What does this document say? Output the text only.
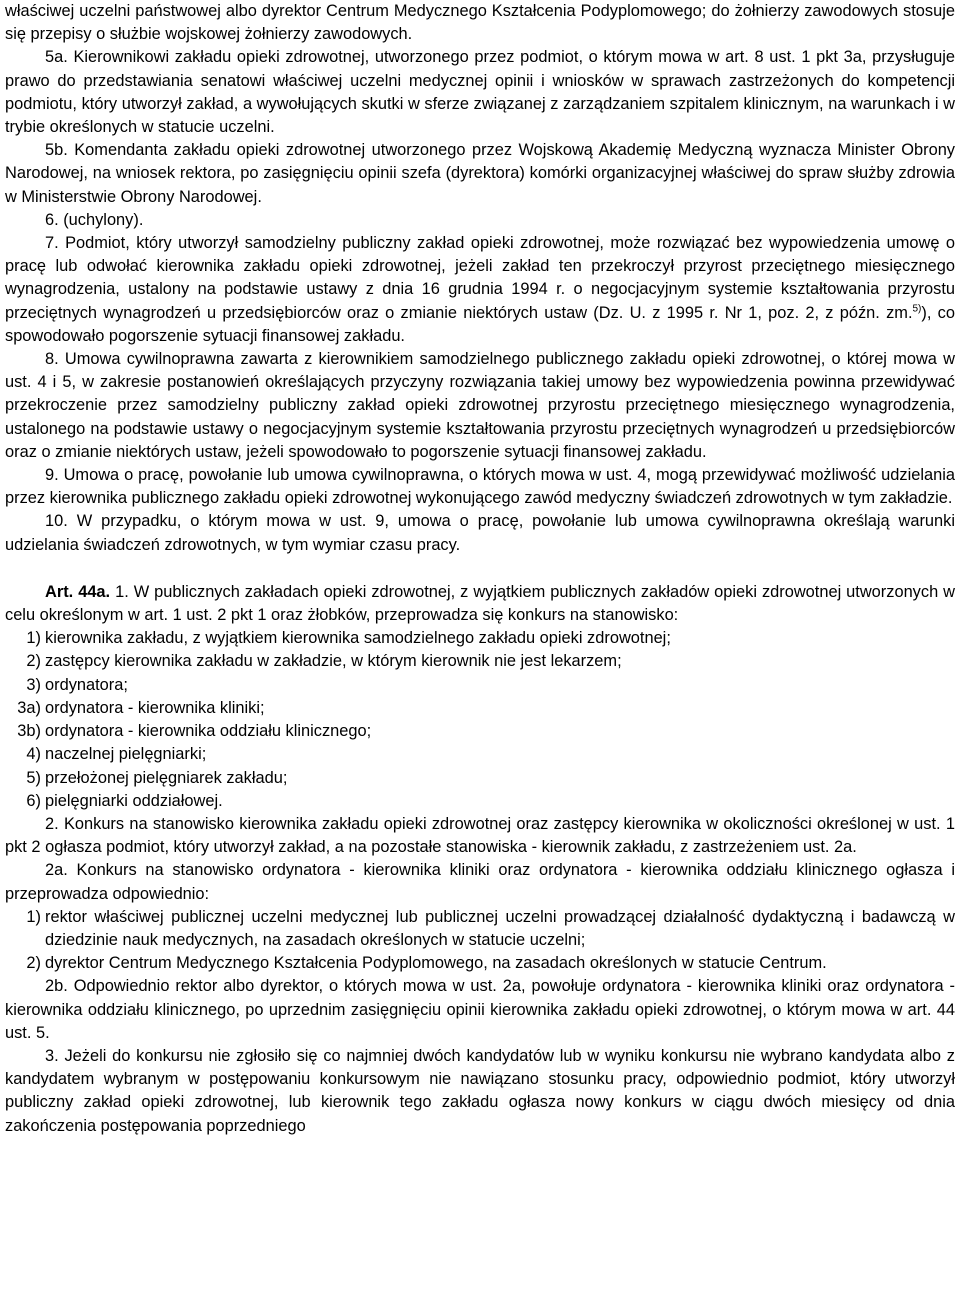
właściwej uczelni państwowej albo dyrektor Centrum Medycznego Kształcenia Podyplomowego; do żołnierzy zawodowych stosuje się przepisy o służbie wojskowej żołnierzy zawodowych.

5a. Kierownikowi zakładu opieki zdrowotnej, utworzonego przez podmiot, o którym mowa w art. 8 ust. 1 pkt 3a, przysługuje prawo do przedstawiania senatowi właściwej uczelni medycznej opinii i wniosków w sprawach zastrzeżonych do kompetencji podmiotu, który utworzył zakład, a wywołujących skutki w sferze związanej z zarządzaniem szpitalem klinicznym, na warunkach i w trybie określonych w statucie uczelni.

5b. Komendanta zakładu opieki zdrowotnej utworzonego przez Wojskową Akademię Medyczną wyznacza Minister Obrony Narodowej, na wniosek rektora, po zasięgnięciu opinii szefa (dyrektora) komórki organizacyjnej właściwej do spraw służby zdrowia w Ministerstwie Obrony Narodowej.

6. (uchylony).

7. Podmiot, który utworzył samodzielny publiczny zakład opieki zdrowotnej, może rozwiązać bez wypowiedzenia umowę o pracę lub odwołać kierownika zakładu opieki zdrowotnej, jeżeli zakład ten przekroczył przyrost przeciętnego miesięcznego wynagrodzenia, ustalony na podstawie ustawy z dnia 16 grudnia 1994 r. o negocjacyjnym systemie kształtowania przyrostu przeciętnych wynagrodzeń u przedsiębiorców oraz o zmianie niektórych ustaw (Dz. U. z 1995 r. Nr 1, poz. 2, z późn. zm.$^{5)}$), co spowodowało pogorszenie sytuacji finansowej zakładu.

8. Umowa cywilnoprawna zawarta z kierownikiem samodzielnego publicznego zakładu opieki zdrowotnej, o której mowa w ust. 4 i 5, w zakresie postanowień określających przyczyny rozwiązania takiej umowy bez wypowiedzenia powinna przewidywać przekroczenie przez samodzielny publiczny zakład opieki zdrowotnej przyrostu przeciętnego miesięcznego wynagrodzenia, ustalonego na podstawie ustawy o negocjacyjnym systemie kształtowania przyrostu przeciętnych wynagrodzeń u przedsiębiorców oraz o zmianie niektórych ustaw, jeżeli spowodowało to pogorszenie sytuacji finansowej zakładu.

9. Umowa o pracę, powołanie lub umowa cywilnoprawna, o których mowa w ust. 4, mogą przewidywać możliwość udzielania przez kierownika publicznego zakładu opieki zdrowotnej wykonującego zawód medyczny świadczeń zdrowotnych w tym zakładzie.

10. W przypadku, o którym mowa w ust. 9, umowa o pracę, powołanie lub umowa cywilnoprawna określają warunki udzielania świadczeń zdrowotnych, w tym wymiar czasu pracy.

Art. 44a. 1. W publicznych zakładach opieki zdrowotnej, z wyjątkiem publicznych zakładów opieki zdrowotnej utworzonych w celu określonym w art. 1 ust. 2 pkt 1 oraz żłobków, przeprowadza się konkurs na stanowisko:

1) kierownika zakładu, z wyjątkiem kierownika samodzielnego zakładu opieki zdrowotnej;
2) zastępcy kierownika zakładu w zakładzie, w którym kierownik nie jest lekarzem;
3) ordynatora;
3a) ordynatora - kierownika kliniki;
3b) ordynatora - kierownika oddziału klinicznego;
4) naczelnej pielęgniarki;
5) przełożonej pielęgniarek zakładu;
6) pielęgniarki oddziałowej.

2. Konkurs na stanowisko kierownika zakładu opieki zdrowotnej oraz zastępcy kierownika w okoliczności określonej w ust. 1 pkt 2 ogłasza podmiot, który utworzył zakład, a na pozostałe stanowiska - kierownik zakładu, z zastrzeżeniem ust. 2a.

2a. Konkurs na stanowisko ordynatora - kierownika kliniki oraz ordynatora - kierownika oddziału klinicznego ogłasza i przeprowadza odpowiednio:

1) rektor właściwej publicznej uczelni medycznej lub publicznej uczelni prowadzącej działalność dydaktyczną i badawczą w dziedzinie nauk medycznych, na zasadach określonych w statucie uczelni;
2) dyrektor Centrum Medycznego Kształcenia Podyplomowego, na zasadach określonych w statucie Centrum.

2b. Odpowiednio rektor albo dyrektor, o których mowa w ust. 2a, powołuje ordynatora - kierownika kliniki oraz ordynatora - kierownika oddziału klinicznego, po uprzednim zasięgnięciu opinii kierownika zakładu opieki zdrowotnej, o którym mowa w art. 44 ust. 5.

3. Jeżeli do konkursu nie zgłosiło się co najmniej dwóch kandydatów lub w wyniku konkursu nie wybrano kandydata albo z kandydatem wybranym w postępowaniu konkursowym nie nawiązano stosunku pracy, odpowiednio podmiot, który utworzył publiczny zakład opieki zdrowotnej, lub kierownik tego zakładu ogłasza nowy konkurs w ciągu dwóch miesięcy od dnia zakończenia postępowania poprzedniego
